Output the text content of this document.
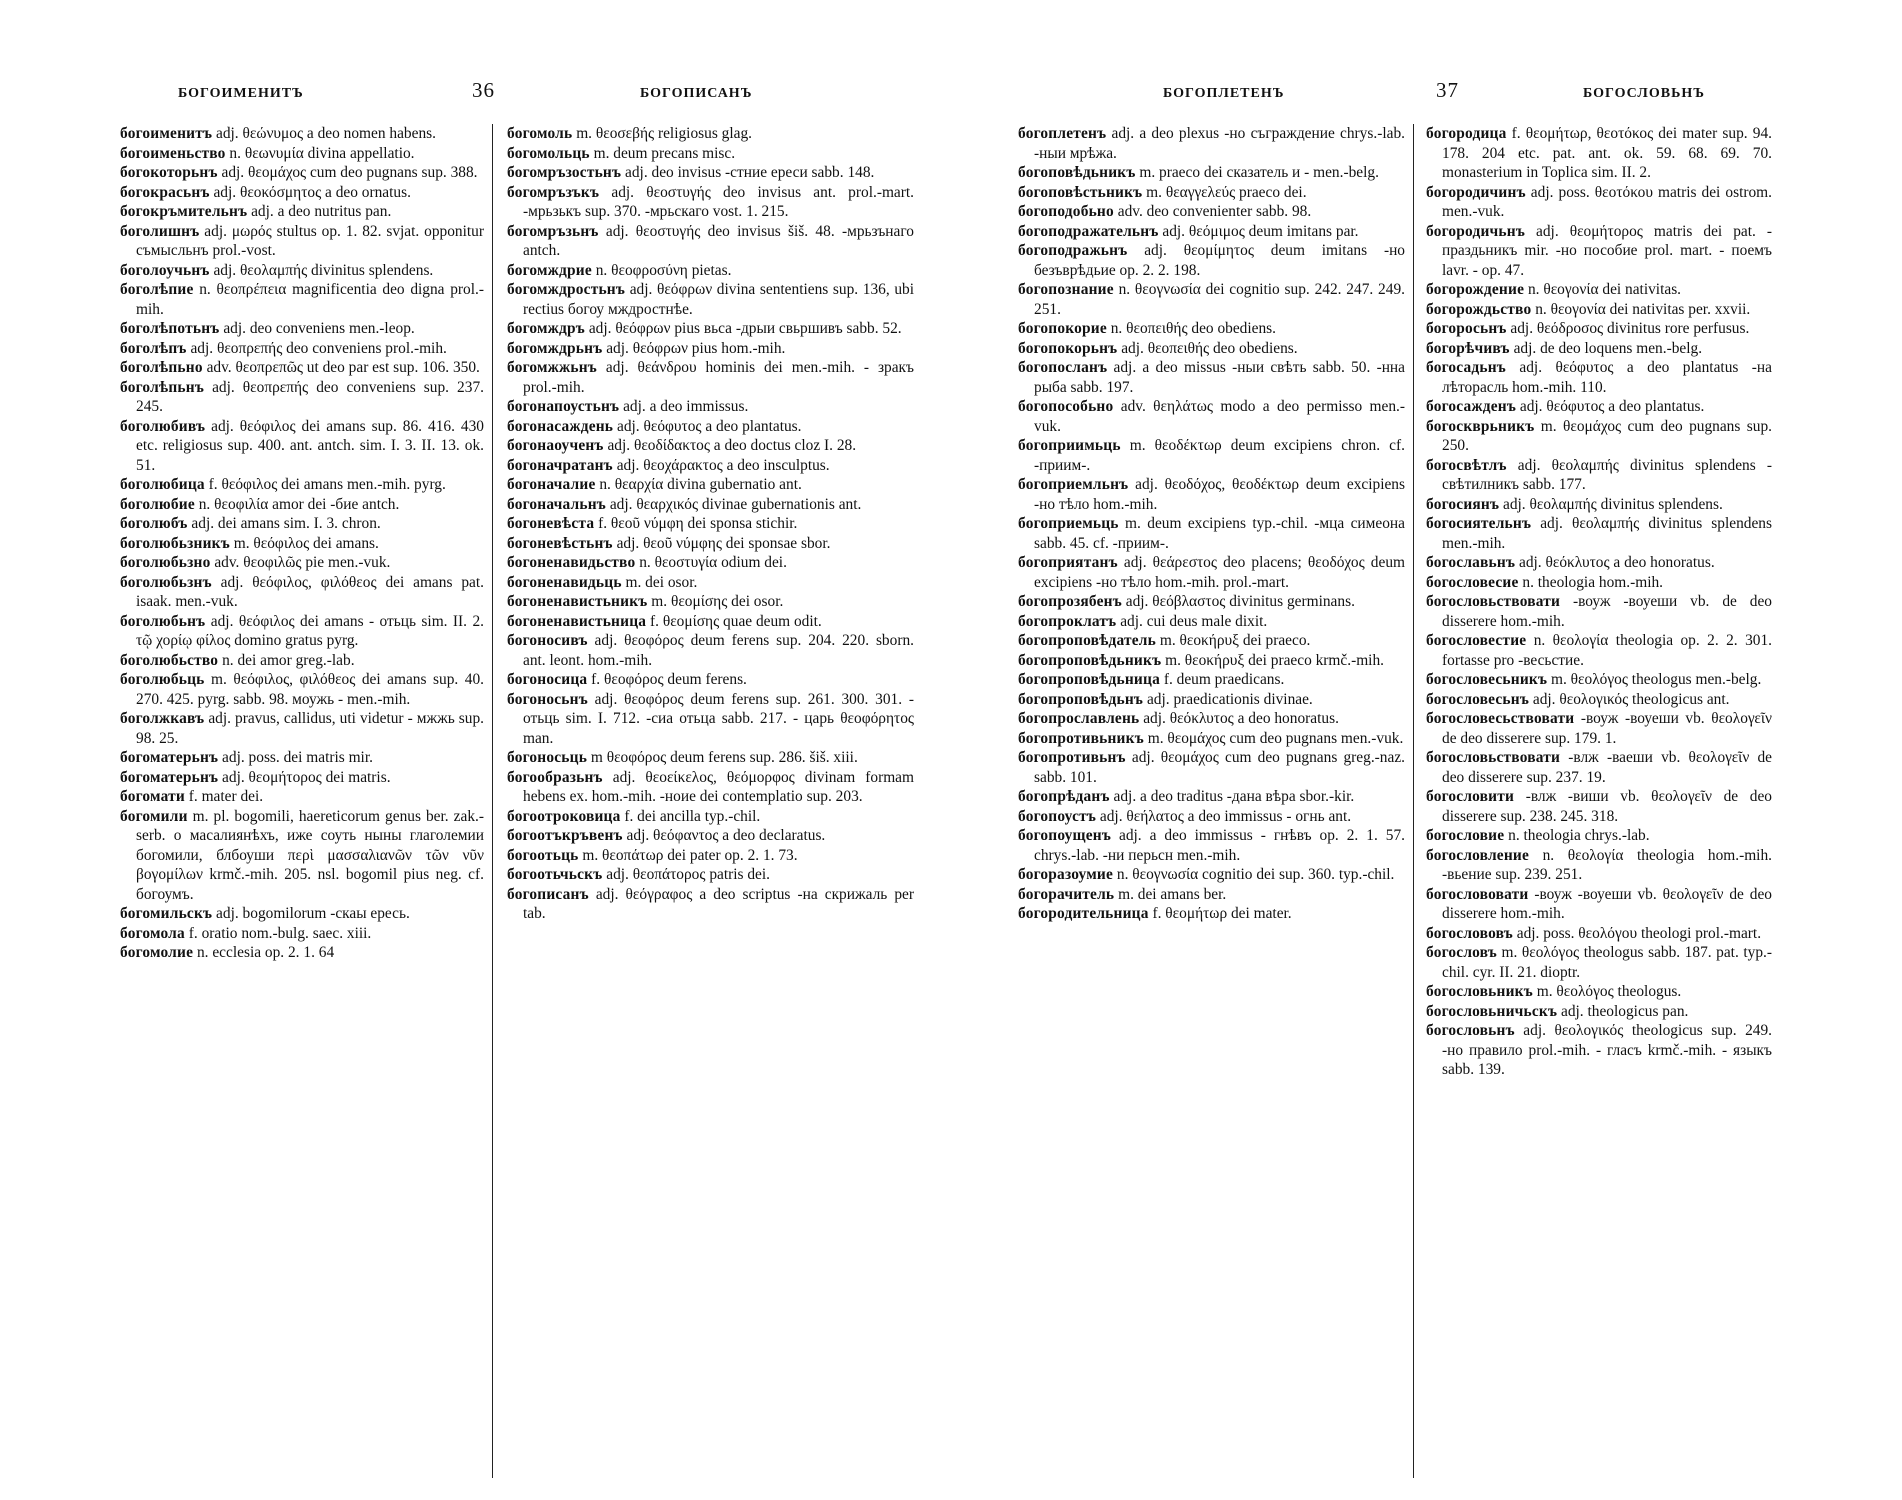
БОГОИМЕНИТЪ	36	БОГОПИСАНЪ
богоименитъ adj. θεώνυμος a deo nomen habens.
богоименьство n. θεωνυμία divina appellatio.
богокоторьнъ adj. θεομάχος cum deo pugnans sup. 388.
богокрасьнъ adj. θεοκόσμητος a deo ornatus.
богокръмительнъ adj. a deo nutritus pan.
боголишнъ adj. μωρός stultus op. 1. 82. svjat. opponitur съмысльнъ prol.-vost.
боголоучьнъ adj. θεολαμπής divinitus splendens.
боголѣпие n. θεοπρέπεια magnificentia deo digna prol.-mih.
боголѣпотьнъ adj. deo conveniens men.-leop.
боголѣпъ adj. θεοπρεπής deo conveniens prol.-mih.
боголѣпьно adv. θεοπρεπῶς ut deo par est sup. 106. 350.
боголѣпьнъ adj. θεοπρεπής deo conveniens sup. 237. 245.
боголюбивъ adj. θεόφιλος dei amans sup. 86. 416. 430 etc. religiosus sup. 400. ant. antch. sim. I. 3. II. 13. ok. 51.
боголюбица f. θεόφιλος dei amans men.-mih. pyrg.
боголюбие n. θεοφιλία amor dei -бие antch.
боголюбъ adj. dei amans sim. I. 3. chron.
боголюбьзникъ m. θεόφιλος dei amans.
боголюбьзно adv. θεοφιλῶς pie men.-vuk.
боголюбьзнъ adj. θεόφιλος, φιλόθεος dei amans pat. isaak. men.-vuk.
боголюбьнъ adj. θεόφιλος dei amans - отьць sim. II. 2. τῷ χορίῳ φίλος domino gratus pyrg.
боголюбьство n. dei amor greg.-lab.
боголюбьць m. θεόφιλος, φιλόθεος dei amans sup. 40. 270. 425. pyrg. sabb. 98. моужь - men.-mih.
боголжкавъ adj. pravus, callidus, uti videtur - мжжь sup. 98. 25.
богоматерьнъ adj. poss. dei matris mir.
богоматерьнъ adj. θεομήτορος dei matris.
богомати f. mater dei.
богомили m. pl. bogomili, haereticorum genus ber. zak.-serb. о масалиянѣхъ, иже соуть ныны глаголемии богомили, блбоуши περὶ μασσαλιανῶν τῶν νῦν βογομίλων krmč.-mih. 205. nsl. bogomil pius neg. cf. богоумъ.
богомильскъ adj. bogomilorum -скаы ересь.
богомола f. oratio nom.-bulg. saec. xiii.
богомолие n. ecclesia op. 2. 1. 64
богомоль m. θεοσεβής religiosus glag.
богомольць m. deum precans misc.
богомръзостьнъ adj. deo invisus -стние ереси sabb. 148.
богомръзъкъ adj. θεοστυγής deo invisus ant. prol.-mart. -мрьзькъ sup. 370. -мрьскаго vost. 1. 215.
богомръзьнъ adj. θεοστυγής deo invisus šiš. 48. -мрьзънаго antch.
богомждрие n. θεοφροσύνη pietas.
богомждростьнъ adj. θεόφρων divina sententiens sup. 136, ubi rectius богоу мждростнѣе.
богомждръ adj. θεόφρων pius вьса -дрыи свьршивъ sabb. 52.
богомждрьнъ adj. θεόφρων pius hom.-mih.
богомжжьнъ adj. θεάνδρου hominis dei men.-mih. - зракъ prol.-mih.
богонапоустьнъ adj. a deo immissus.
богонасаждень adj. θεόφυτος a deo plantatus.
богонаоученъ adj. θεοδίδακτος a deo doctus cloz I. 28.
богоначратанъ adj. θεοχάρακτος a deo insculptus.
богоначалие n. θεαρχία divina gubernatio ant.
богоначальнъ adj. θεαρχικός divinae gubernationis ant.
богоневѣста f. θεοῦ νύμφη dei sponsa stichir.
богоневѣстьнъ adj. θεοῦ νύμφης dei sponsae sbor.
богоненавидьство n. θεοστυγία odium dei.
богоненавидьць m. dei osor.
богоненавистьникъ m. θεομίσης dei osor.
богоненавистьница f. θεομίσης quae deum odit.
богоносивъ adj. θεοφόρος deum ferens sup. 204. 220. sborn. ant. leont. hom.-mih.
богоносица f. θεοφόρος deum ferens.
богоносьнъ adj. θεοφόρος deum ferens sup. 261. 300. 301. - отьць sim. I. 712. -сиа отьца sabb. 217. - царь θεοφόρητος man.
богоносьць m θεοφόρος deum ferens sup. 286. šiš. xiii.
богообразьнъ adj. θεοείκελος, θεόμορφος divinam formam hebens ex. hom.-mih. -ноие dei contemplatio sup. 203.
богоотроковица f. dei ancilla typ.-chil.
богоотъкръвенъ adj. θεόφαντος a deo declaratus.
богоотьць m. θεοπάτωρ dei pater op. 2. 1. 73.
богоотьчьскъ adj. θεοπάτορος patris dei.
богописанъ adj. θεόγραφος a deo scriptus -на скрижаль per tab.
БОГОПЛЕТЕНЪ	37	БОГОСЛОВЬНЪ
богоплетенъ adj. a deo plexus -но съграждение chrys.-lab. -ныи мрѣжа.
богоповѣдьникъ m. praeco dei сказатель и - men.-belg.
богоповѣстьникъ m. θεαγγελεύς praeco dei.
богоподобьно adv. deo convenienter sabb. 98.
богоподражательнъ adj. θεόμιμος deum imitans par.
богоподражьнъ adj. θεομίμητος deum imitans -но безъврѣдьие op. 2. 2. 198.
богопознание n. θεογνωσία dei cognitio sup. 242. 247. 249. 251.
богопокорие n. θεοπειθής deo obediens.
богопокорьнъ adj. θεοπειθής deo obediens.
богопосланъ adj. a deo missus -ныи свѣть sabb. 50. -нна рыба sabb. 197.
богопособьно adv. θεηλάτως modo a deo permisso men.-vuk.
богоприимьць m. θεοδέκτωρ deum excipiens chron. cf. -приим-.
богоприемльнъ adj. θεοδόχος, θεοδέκτωρ deum excipiens -но тѣло hom.-mih.
богоприемьць m. deum excipiens typ.-chil. -мца симеона sabb. 45. cf. -приим-.
богоприятанъ adj. θεάρεστος deo placens; θεοδόχος deum excipiens -но тѣло hom.-mih. prol.-mart.
богопрозябенъ adj. θεόβλαστος divinitus germinans.
богопроклатъ adj. cui deus male dixit.
богопроповѣдатель m. θεοκήρυξ dei praeco.
богопроповѣдьникъ m. θεοκήρυξ dei praeco krmč.-mih.
богопроповѣдьница f. deum praedicans.
богопроповѣдьнъ adj. praedicationis divinae.
богопрославлень adj. θεόκλυτος a deo honoratus.
богопротивьникъ m. θεομάχος cum deo pugnans men.-vuk.
богопротивьнъ adj. θεομάχος cum deo pugnans greg.-naz. sabb. 101.
богопрѣданъ adj. a deo traditus -дана вѣра sbor.-kir.
богопоустъ adj. θεήλατος a deo immissus - огнь ant.
богопоущенъ adj. a deo immissus - гнѣвъ op. 2. 1. 57. chrys.-lab. -ни перьсн men.-mih.
богоразоумие n. θεογνωσία cognitio dei sup. 360. typ.-chil.
богорачитель m. dei amans ber.
богородительница f. θεομήτωρ dei mater.
богородица f. θεομήτωρ, θεοτόκος dei mater sup. 94. 178. 204 etc. pat. ant. ok. 59. 68. 69. 70. monasterium in Toplica sim. II. 2.
богородичинъ adj. poss. θεοτόκου matris dei ostrom. men.-vuk.
богородичьнъ adj. θεομήτορος matris dei pat. - праздьникъ mir. -но пособие prol. mart. - поемъ lavr. - op. 47.
богорождение n. θεογονία dei nativitas.
богорождьство n. θεογονία dei nativitas per. xxvii.
богоросьнъ adj. θεόδροσος divinitus rore perfusus.
богорѣчивъ adj. de deo loquens men.-belg.
богосадьнъ adj. θεόφυτος a deo plantatus -на лѣторасль hom.-mih. 110.
богосажденъ adj. θεόφυτος a deo plantatus.
богоскврьникъ m. θεομάχος cum deo pugnans sup. 250.
богосвѣтлъ adj. θεολαμπής divinitus splendens - свѣтилникъ sabb. 177.
богосиянъ adj. θεολαμπής divinitus splendens.
богосиятельнъ adj. θεολαμπής divinitus splendens men.-mih.
богославьнъ adj. θεόκλυτος a deo honoratus.
богословесие n. theologia hom.-mih.
богословьствовати -воуж -воуеши vb. de deo disserere hom.-mih.
богословестие n. θεολογία theologia op. 2. 2. 301. fortasse pro -весьстие.
богословесьникъ m. θεολόγος theologus men.-belg.
богословесьнъ adj. θεολογικός theologicus ant.
богословесьствовати -воуж -воуеши vb. θεολογεῖν de deo disserere sup. 179. 1.
богословьствовати -влж -ваеши vb. θεολογεῖν de deo disserere sup. 237. 19.
богословити -влж -виши vb. θεολογεῖν de deo disserere sup. 238. 245. 318.
богословие n. theologia chrys.-lab.
богословление n. θεολογία theologia hom.-mih. -вьение sup. 239. 251.
богослововати -воуж -воуеши vb. θεολογεῖν de deo disserere hom.-mih.
богослововъ adj. poss. θεολόγου theologi prol.-mart.
богословъ m. θεολόγος theologus sabb. 187. pat. typ.-chil. cyr. II. 21. dioptr.
богословьникъ m. θεολόγος theologus.
богословьничьскъ adj. theologicus pan.
богословьнъ adj. θεολογικός theologicus sup. 249. -но правило prol.-mih. - гласъ krmč.-mih. - языкъ sabb. 139.
